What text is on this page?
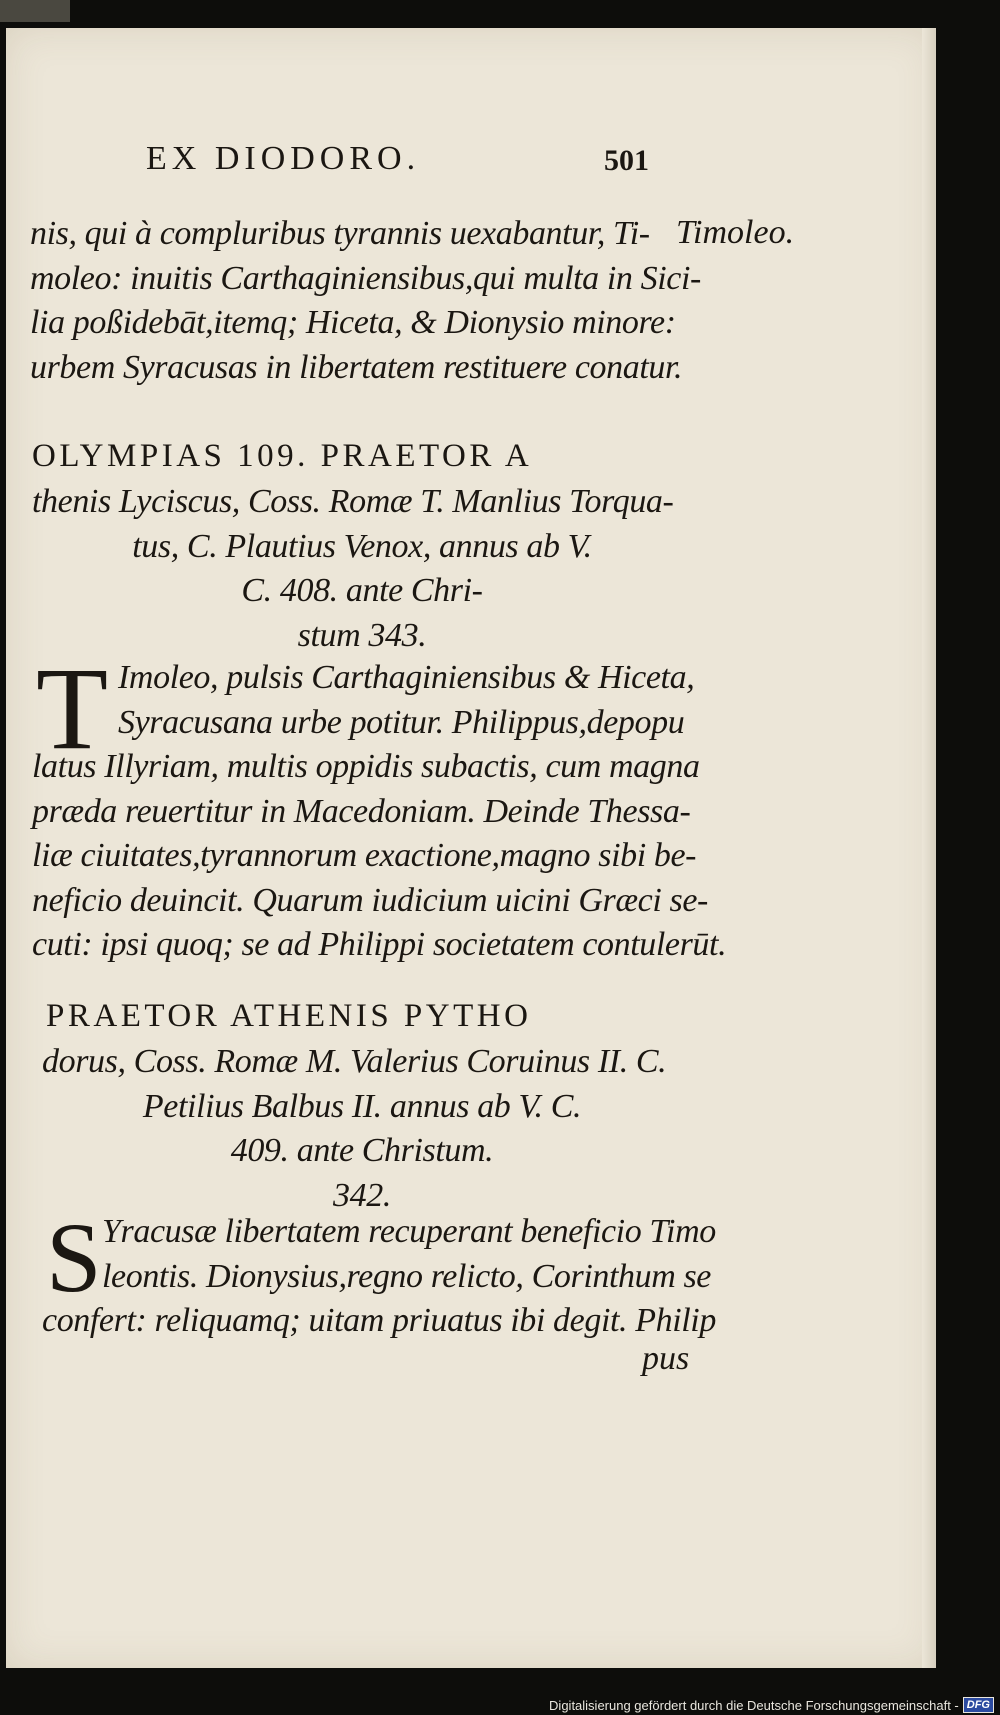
EX DIODORO.	501
Timoleo.

nis, qui à compluribus tyrannis uexabantur, Ti-

moleo: inuitis Carthaginiensibus,qui multa in Sici-

lia poßidebāt,itemq; Hiceta, & Dionysio minore:

urbem Syracusas in libertatem restituere conatur.

OLYMPIAS 109. PRAETOR A

thenis Lyciscus, Coss. Romæ T. Manlius Torqua-

tus, C. Plautius Venox, annus ab V.

C. 408. ante Chri-

stum 343.

T Imoleo, pulsis Carthaginiensibus & Hiceta,

Syracusana urbe potitur. Philippus,depopu

latus Illyriam, multis oppidis subactis, cum magna

præda reuertitur in Macedoniam. Deinde Thessa-

liæ ciuitates,tyrannorum exactione,magno sibi be-

neficio deuincit. Quarum iudicium uicini Græci se-

cuti: ipsi quoq; se ad Philippi societatem contulerūt.

PRAETOR ATHENIS PYTHO

dorus, Coss. Romæ M. Valerius Coruinus II. C.

Petilius Balbus II. annus ab V. C.

409. ante Christum.

342.

S Yracusæ libertatem recuperant beneficio Timo

leontis. Dionysius,regno relicto, Corinthum se

confert: reliquamq; uitam priuatus ibi degit. Philip

pus
Digitalisierung gefördert durch die Deutsche Forschungsgemeinschaft - DFG
